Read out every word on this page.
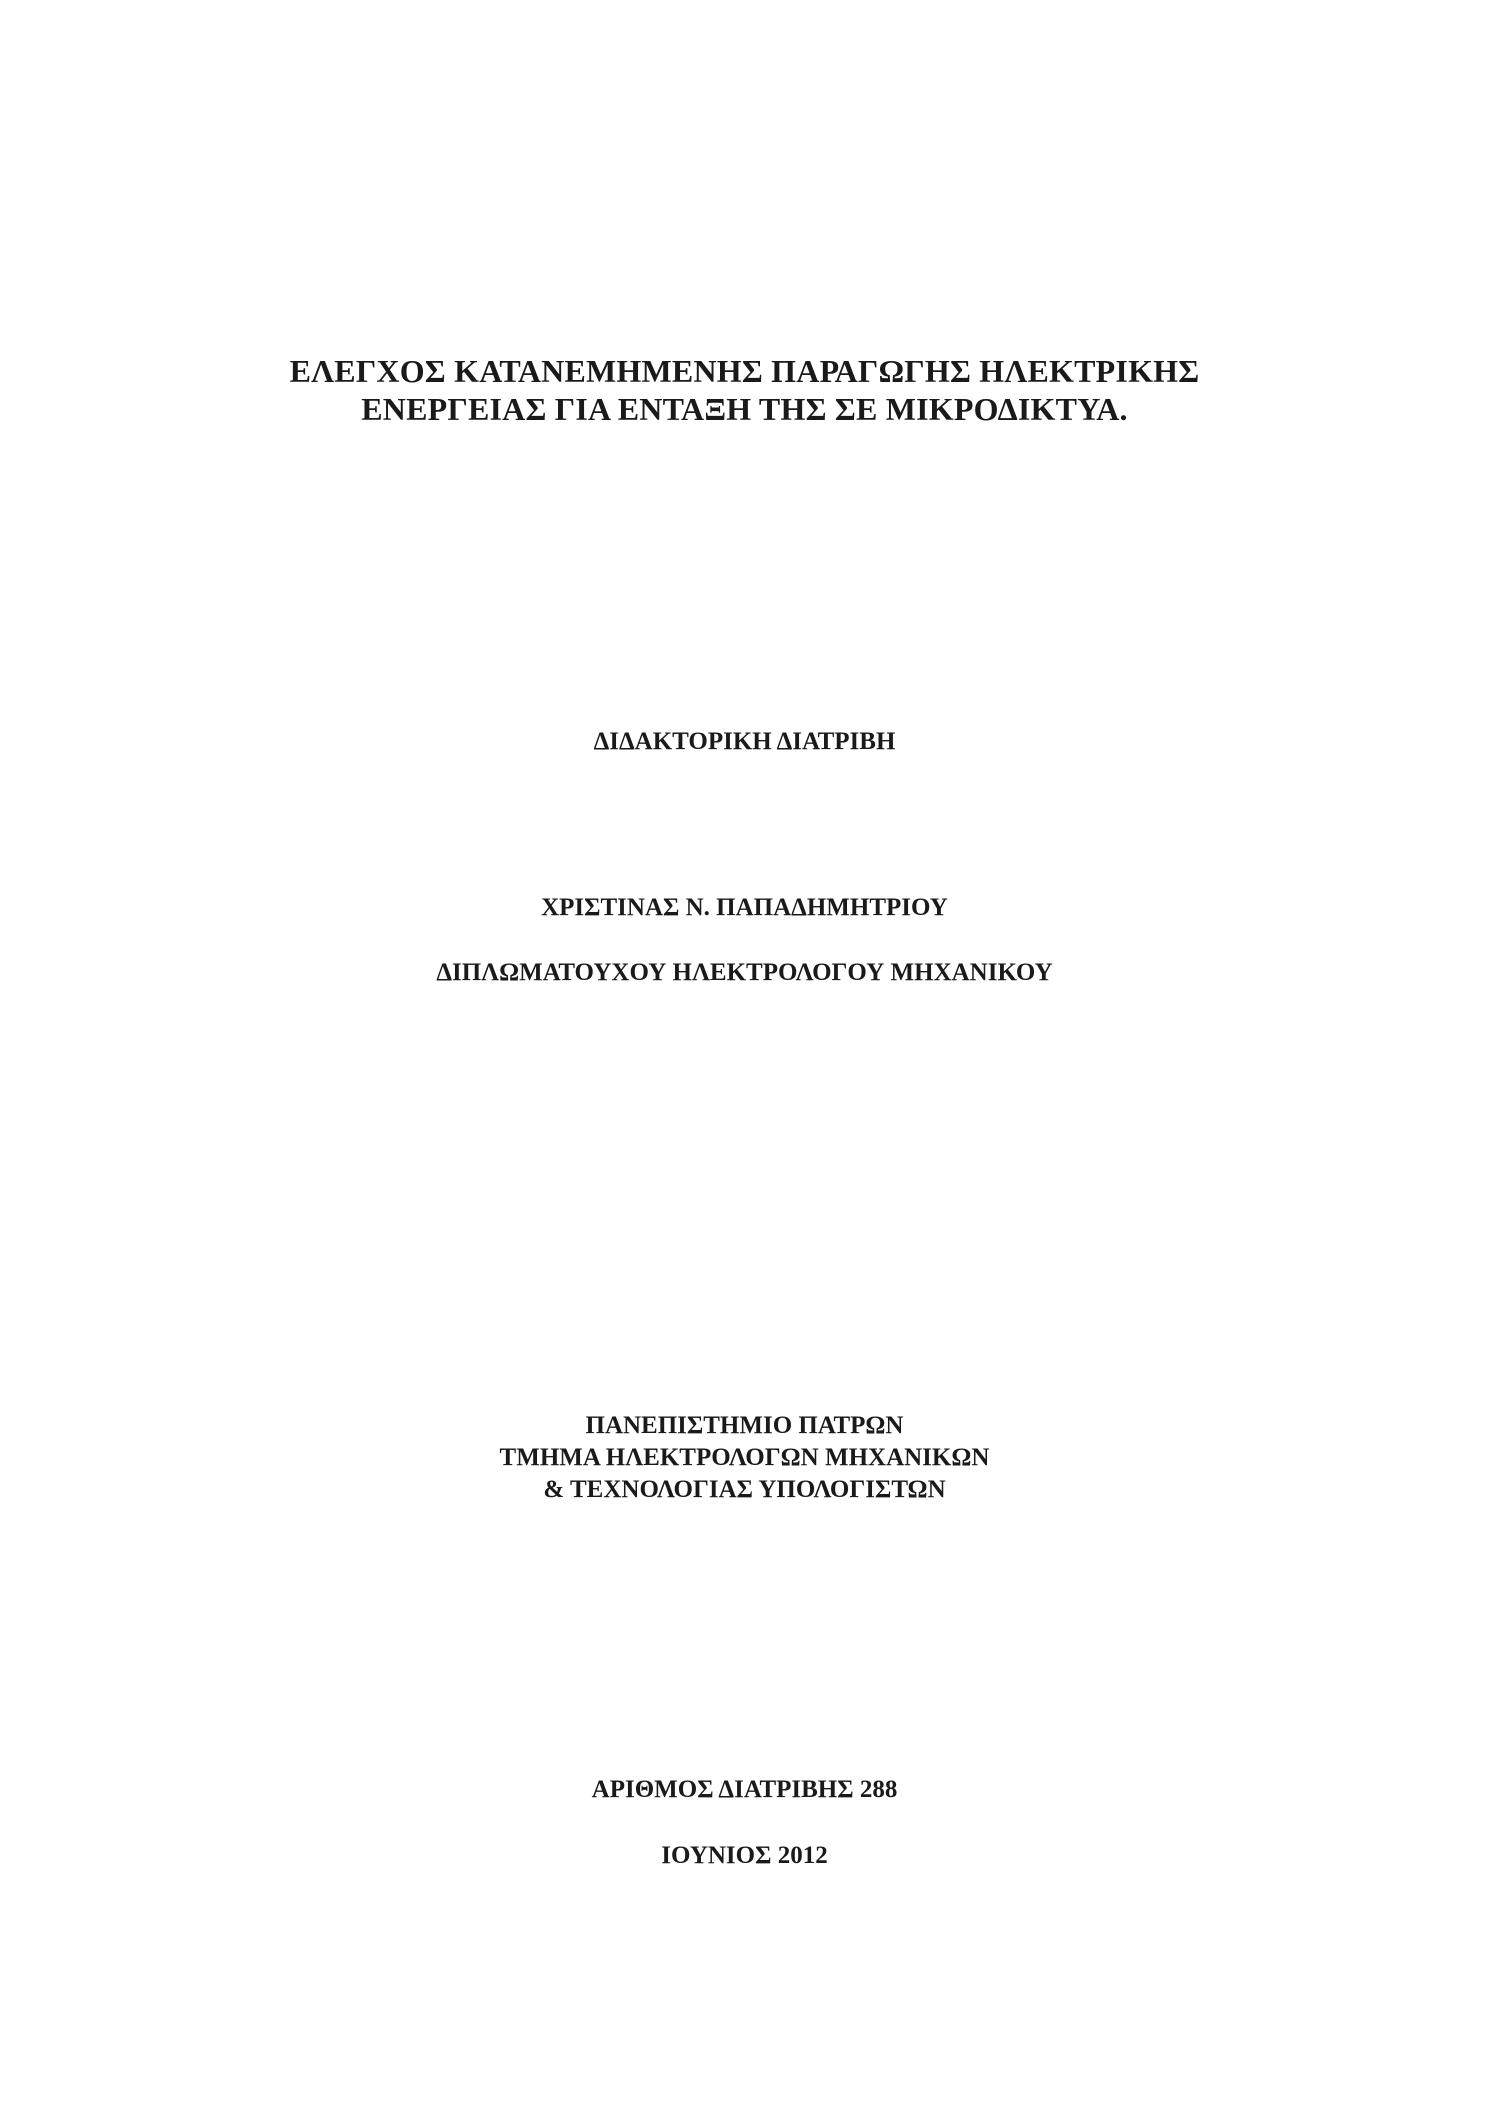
ΕΛΕΓΧΟΣ ΚΑΤΑΝΕΜΗΜΕΝΗΣ ΠΑΡΑΓΩΓΗΣ ΗΛΕΚΤΡΙΚΗΣ
ΕΝΕΡΓΕΙΑΣ ΓΙΑ ΕΝΤΑΞΗ ΤΗΣ ΣΕ ΜΙΚΡΟΔΙΚΤΥΑ.
ΔΙΔΑΚΤΟΡΙΚΗ ΔΙΑΤΡΙΒΗ
ΧΡΙΣΤΙΝΑΣ Ν. ΠΑΠΑΔΗΜΗΤΡΙΟΥ
ΔΙΠΛΩΜΑΤΟΥΧΟΥ ΗΛΕΚΤΡΟΛΟΓΟΥ ΜΗΧΑΝΙΚΟΥ
ΠΑΝΕΠΙΣΤΗΜΙΟ ΠΑΤΡΩΝ
ΤΜΗΜΑ ΗΛΕΚΤΡΟΛΟΓΩΝ ΜΗΧΑΝΙΚΩΝ
& ΤΕΧΝΟΛΟΓΙΑΣ ΥΠΟΛΟΓΙΣΤΩΝ
ΑΡΙΘΜΟΣ ΔΙΑΤΡΙΒΗΣ 288
ΙΟΥΝΙΟΣ 2012
